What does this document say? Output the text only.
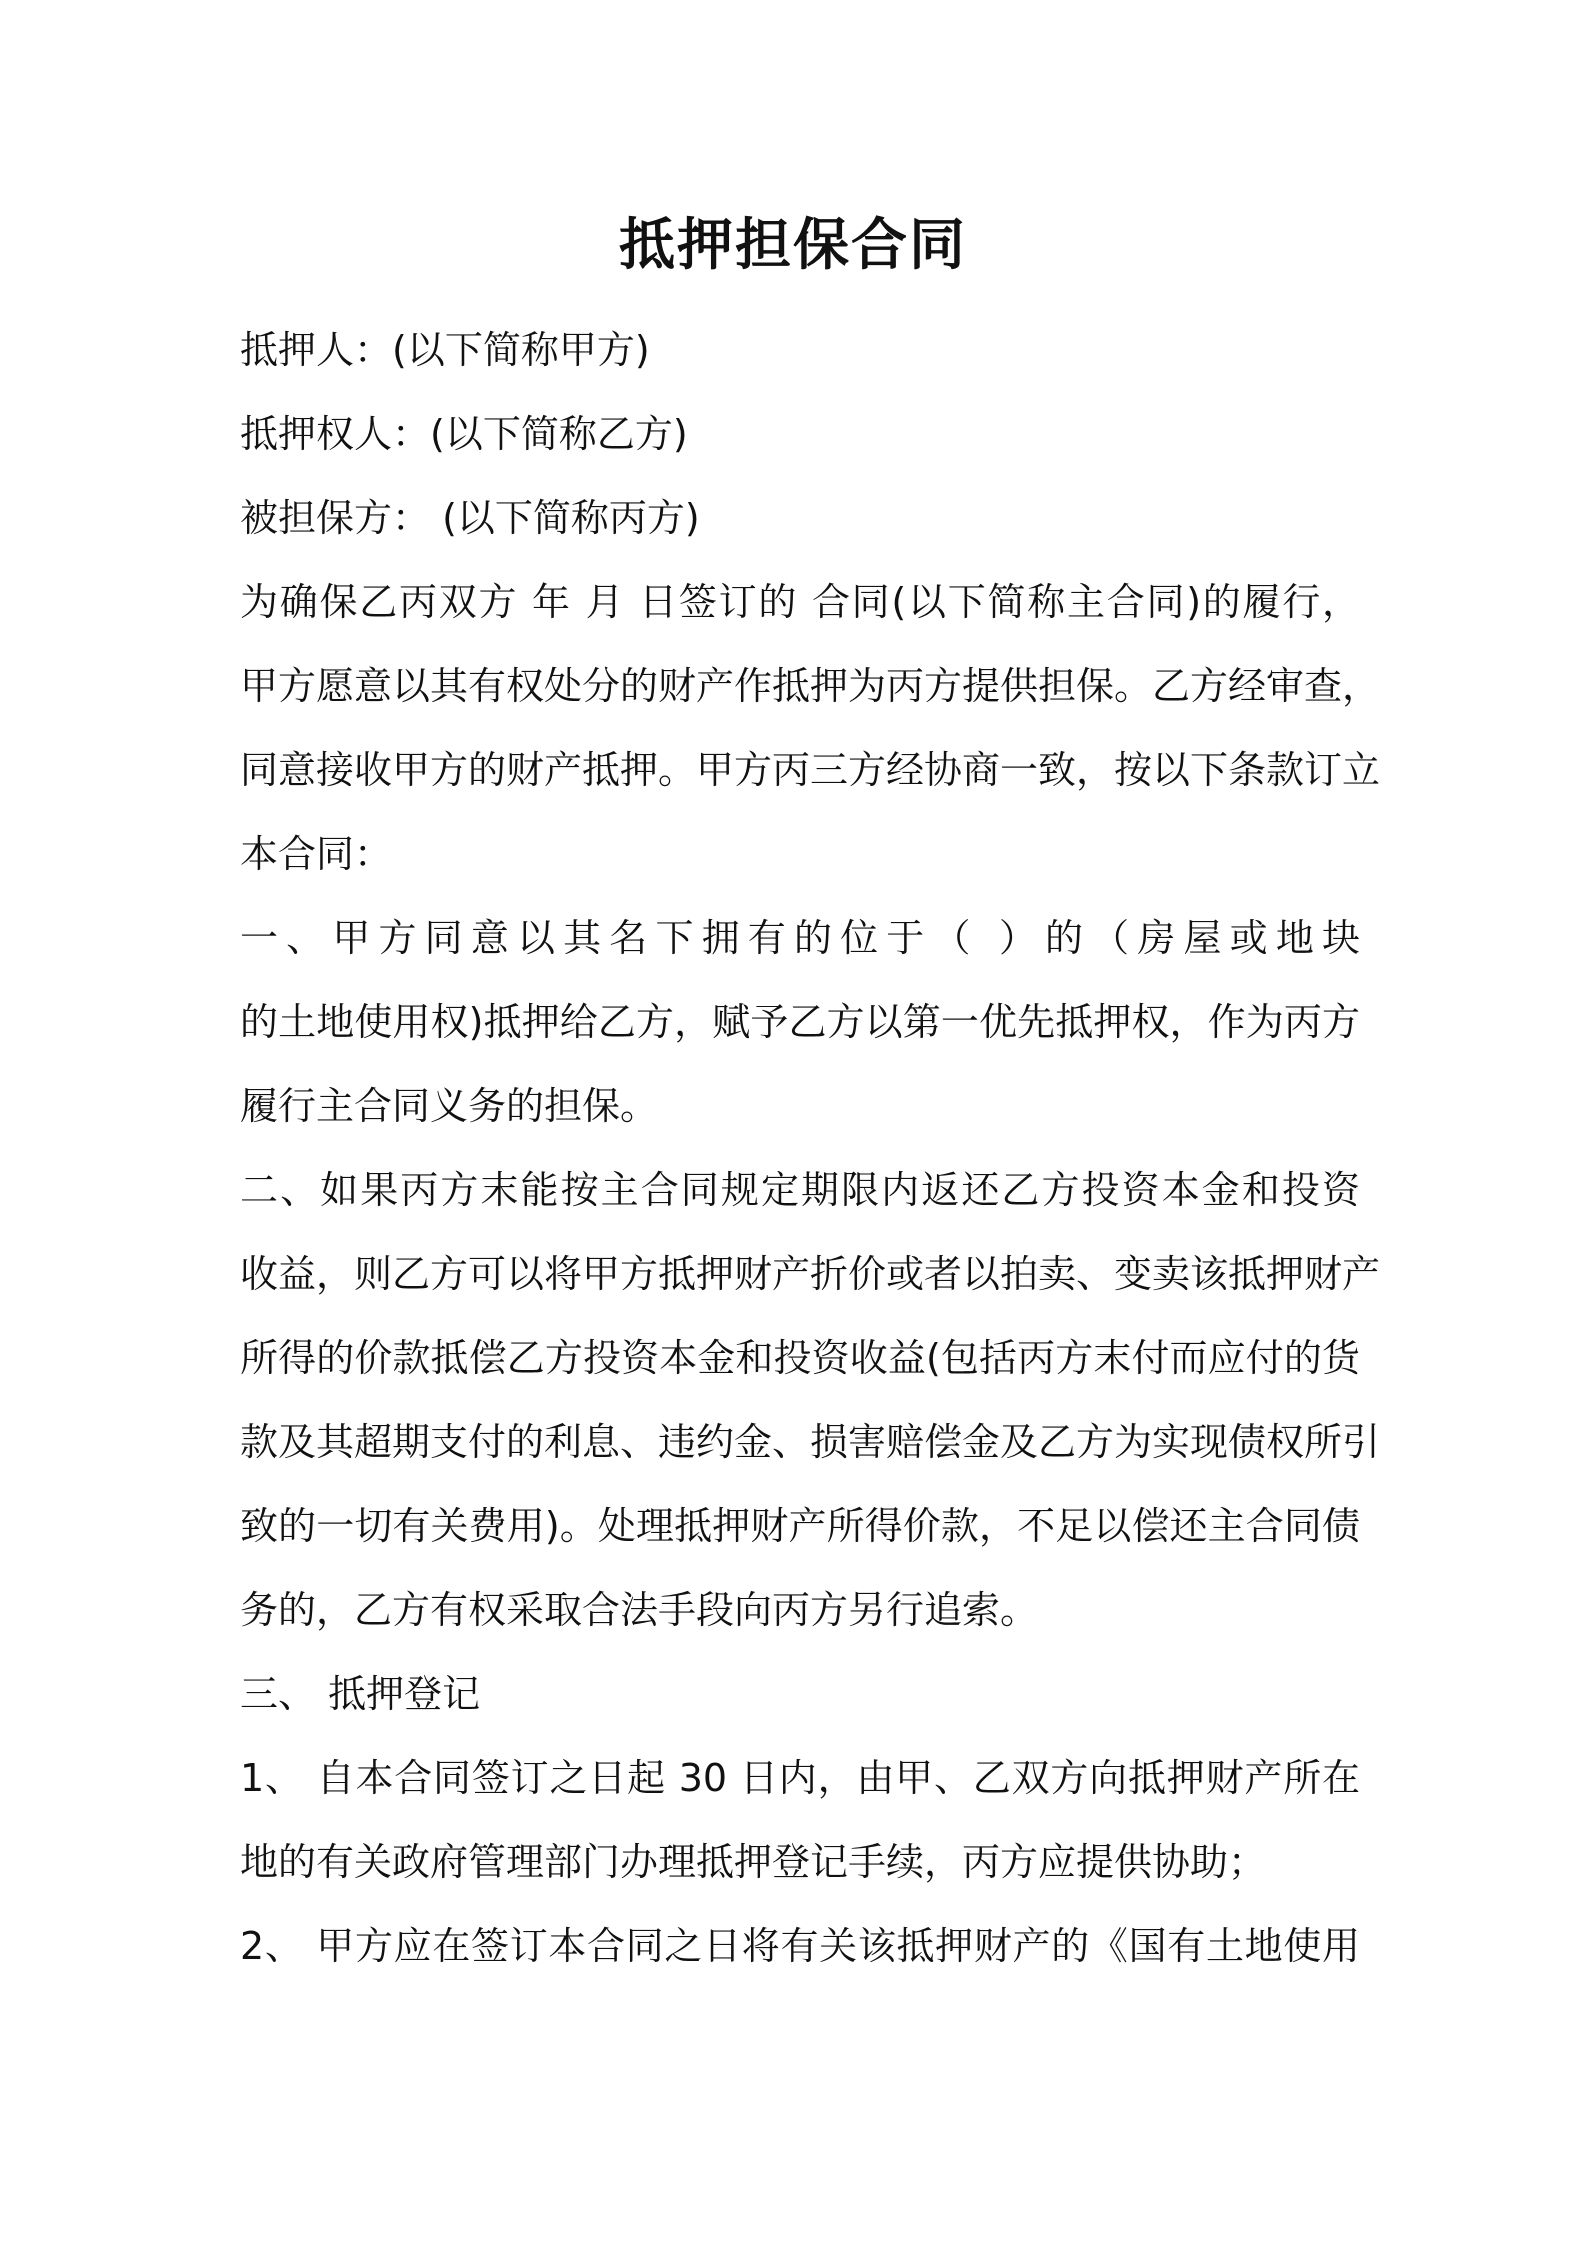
抵押担保合同
抵押人：(以下简称甲方)
抵押权人：(以下简称乙方)
被担保方： (以下简称丙方)
为确保乙丙双方 年 月 日签订的 合同(以下简称主合同)的履行，
甲方愿意以其有权处分的财产作抵押为丙方提供担保。乙方经审查，
同意接收甲方的财产抵押。甲方丙三方经协商一致，按以下条款订立
本合同：
一、甲方同意以其名下拥有的位于（ ）的（房屋或地块
的土地使用权)抵押给乙方，赋予乙方以第一优先抵押权，作为丙方
履行主合同义务的担保。
二、如果丙方末能按主合同规定期限内返还乙方投资本金和投资
收益，则乙方可以将甲方抵押财产折价或者以拍卖、变卖该抵押财产
所得的价款抵偿乙方投资本金和投资收益(包括丙方末付而应付的货
款及其超期支付的利息、违约金、损害赔偿金及乙方为实现债权所引
致的一切有关费用)。处理抵押财产所得价款，不足以偿还主合同债
务的，乙方有权采取合法手段向丙方另行追索。
三、 抵押登记
1、 自本合同签订之日起 30 日内，由甲、乙双方向抵押财产所在
地的有关政府管理部门办理抵押登记手续，丙方应提供协助；
2、 甲方应在签订本合同之日将有关该抵押财产的《国有土地使用
